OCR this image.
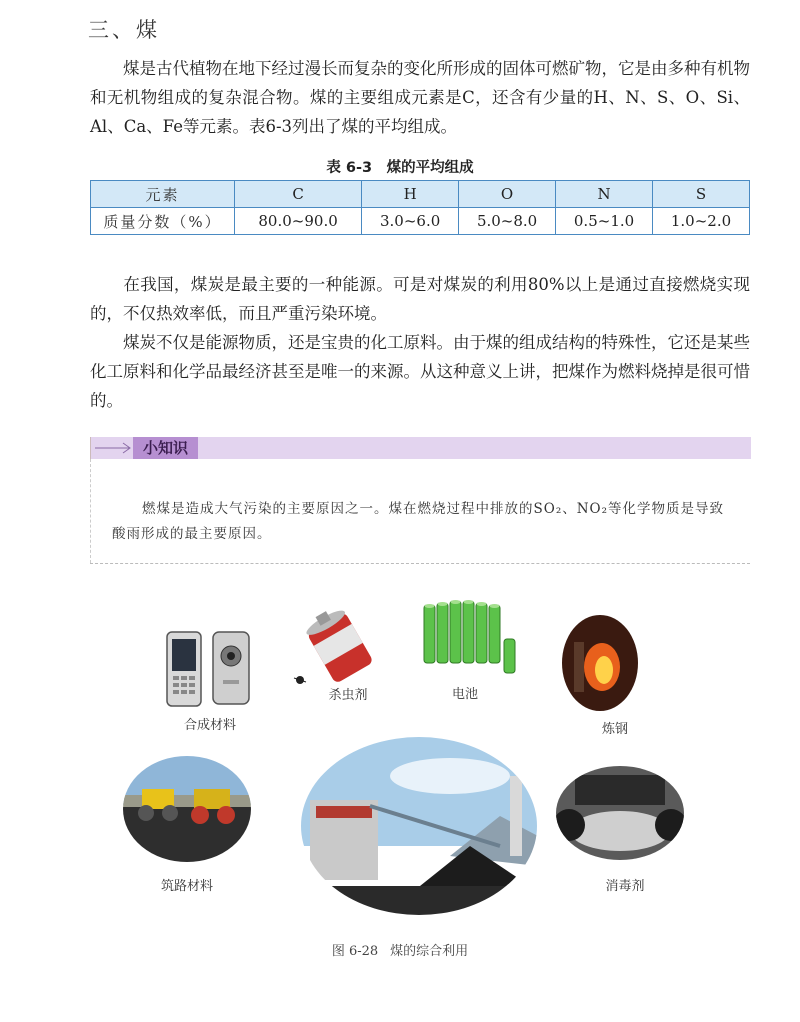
三、煤
煤是古代植物在地下经过漫长而复杂的变化所形成的固体可燃矿物，它是由多种有机物和无机物组成的复杂混合物。煤的主要组成元素是C，还含有少量的H、N、S、O、Si、Al、Ca、Fe等元素。表6-3列出了煤的平均组成。
表 6-3　煤的平均组成
元素	C	H	O	N	S
质量分数（%）	80.0~90.0	3.0~6.0	5.0~8.0	0.5~1.0	1.0~2.0
在我国，煤炭是最主要的一种能源。可是对煤炭的利用80%以上是通过直接燃烧实现的，不仅热效率低，而且严重污染环境。
煤炭不仅是能源物质，还是宝贵的化工原料。由于煤的组成结构的特殊性，它还是某些化工原料和化学品最经济甚至是唯一的来源。从这种意义上讲，把煤作为燃料烧掉是很可惜的。
小知识
燃煤是造成大气污染的主要原因之一。煤在燃烧过程中排放的SO₂、NO₂等化学物质是导致酸雨形成的最主要原因。
合成材料
杀虫剂	电池
炼钢
筑路材料	消毒剂
图 6-28 煤的综合利用
